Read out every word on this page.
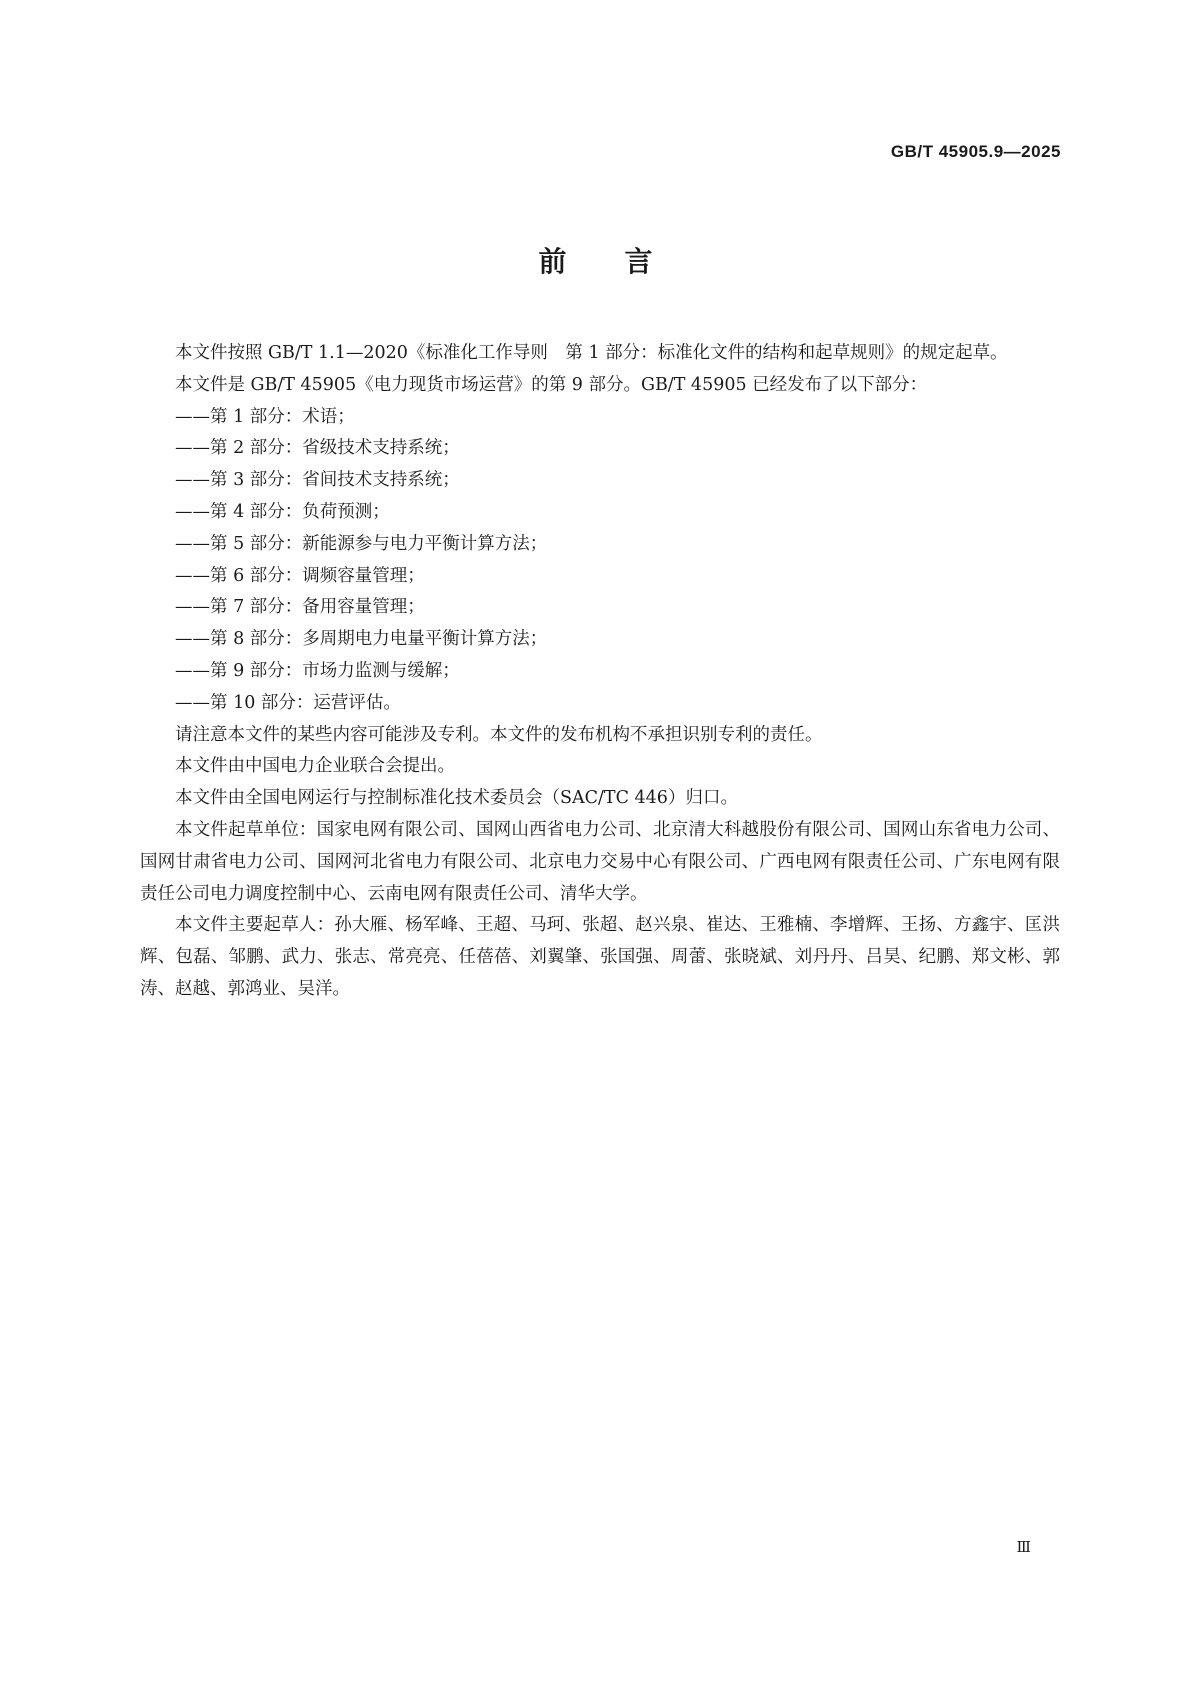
GB/T 45905.9—2025
前言

本文件按照 GB/T 1.1—2020《标准化工作导则　第 1 部分：标准化文件的结构和起草规则》的规定起草。

本文件是 GB/T 45905《电力现货市场运营》的第 9 部分。GB/T 45905 已经发布了以下部分：

——第 1 部分：术语；

——第 2 部分：省级技术支持系统；

——第 3 部分：省间技术支持系统；

——第 4 部分：负荷预测；

——第 5 部分：新能源参与电力平衡计算方法；

——第 6 部分：调频容量管理；

——第 7 部分：备用容量管理；

——第 8 部分：多周期电力电量平衡计算方法；

——第 9 部分：市场力监测与缓解；

——第 10 部分：运营评估。

请注意本文件的某些内容可能涉及专利。本文件的发布机构不承担识别专利的责任。

本文件由中国电力企业联合会提出。

本文件由全国电网运行与控制标准化技术委员会（SAC/TC 446）归口。

本文件起草单位：国家电网有限公司、国网山西省电力公司、北京清大科越股份有限公司、国网山东省电力公司、国网甘肃省电力公司、国网河北省电力有限公司、北京电力交易中心有限公司、广西电网有限责任公司、广东电网有限责任公司电力调度控制中心、云南电网有限责任公司、清华大学。

本文件主要起草人：孙大雁、杨军峰、王超、马珂、张超、赵兴泉、崔达、王雅楠、李增辉、王扬、方鑫宇、匡洪辉、包磊、邹鹏、武力、张志、常亮亮、任蓓蓓、刘翼肇、张国强、周蕾、张晓斌、刘丹丹、吕昊、纪鹏、郑文彬、郭涛、赵越、郭鸿业、吴洋。

Ⅲ
